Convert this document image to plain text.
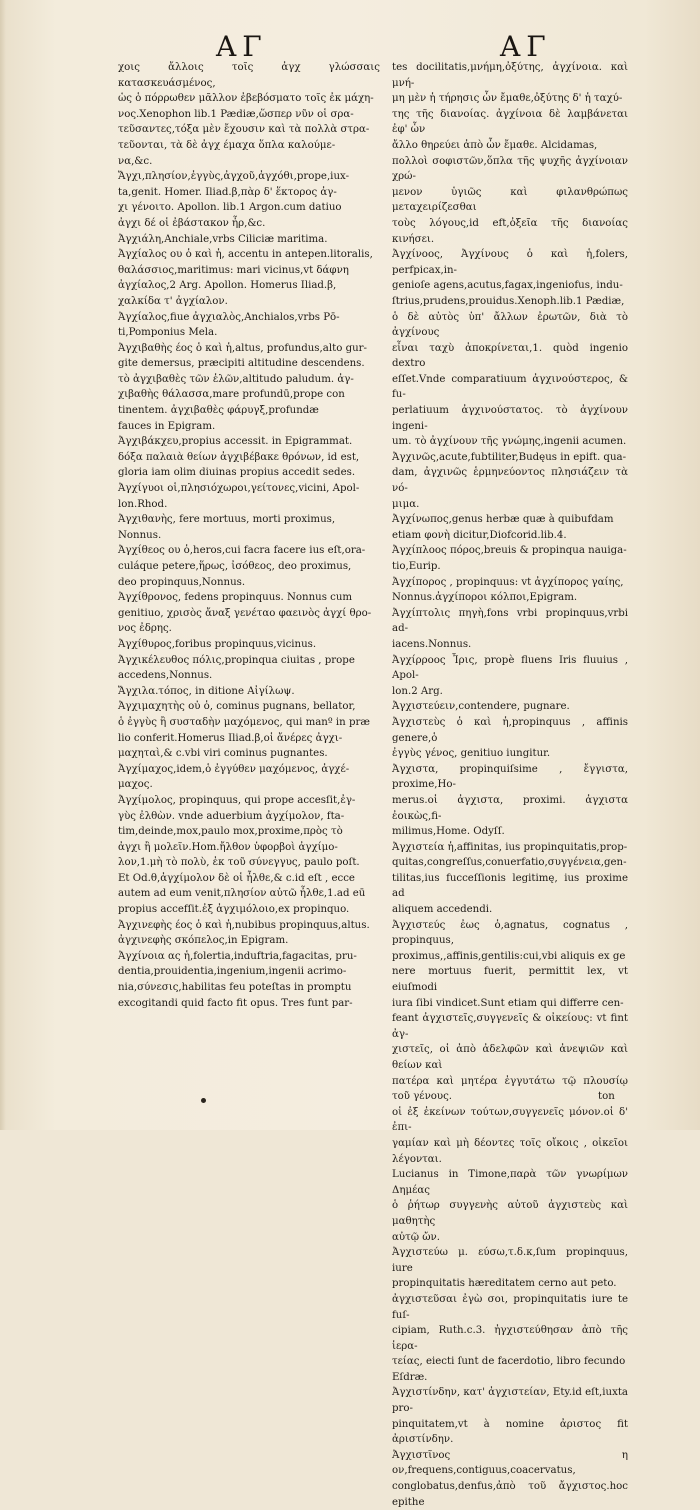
ΑΓ	ΑΓ

χοις ἄλλοις τοῖς ἀγχ γλώσσαις κατασκευάσμένος,

ὡς ὁ πόρρωθεν μᾶλλον ἐβεβόσματο τοῖς ἐκ μάχη-

νος.Xenophon lib.1 Pædiæ,ὥσπερ νῦν οἱ σρα-

τεῦσαντες,τόξα μὲν ἔχουσιν καὶ τὰ πολλὰ στρα-

τεῦονται, τὰ δὲ ἀγχ έμαχα ὅπλα καλούμε-

να,&c.

Ἄγχι,πλησίον,ἐγγὺς,ἀγχοῦ,ἀγχόθι,prope,iux-

ta,genit. Homer. Iliad.β,πὰρ δ' ἕκτορος ἀγ-

χι γένοιτο. Apollon. lib.1 Argon.cum datiuo

ἀγχι δέ οἱ ἐβάστακον ἦρ,&c.

Ἀγχιάλη,Anchiale,vrbs Ciliciæ maritima.

Ἀγχίαλος ου ὁ καὶ ἡ, accentu in antepen.litoralis,

θαλάσσιος,maritimus: mari vicinus,vt δάφνη

ἀγχίαλος,2 Arg. Apollon. Homerus Iliad.β,

χαλκίδα τ' ἀγχίαλον.

Ἀγχίαλος,fiue ἀγχιαλὸς,Anchialos,vrbs Pō-

ti,Pomponius Mela.

Ἀγχιβαθὴς έος ὁ καὶ ἡ,altus, profundus,alto gur-

gite demersus, præcipiti altitudine descendens.

τὸ ἀγχιβαθὲς τῶν ἑλῶν,altitudo paludum. ἀγ-

χιβαθὴς θάλασσα,mare profundū,prope con

tinentem. ἀγχιβαθὲς φάρυγξ,profundæ

fauces in Epigram.

Ἀγχιβάκχευ,propius accessit. in Epigrammat.

δόξα παλαιὰ θείων ἀγχιβέβακε θρόνων, id est,

gloria iam olim diuinas propius accedit sedes.

Ἀγχίγυοι οἱ,πλησιόχωροι,γείτονες,vicini, Apol-

lon.Rhod.

Ἀγχιθανὴς, fere mortuus, morti proximus,

Nonnus.

Ἀγχίθεος ου ὁ,heros,cui facra facere ius eſt,ora-

culáque petere,ἥρως, ἰσόθεος, deo proximus,

deo propinquus,Nonnus.

Ἀγχίθρονος, fedens propinquus. Nonnus cum

genitiuo, χρισὸς ἄναξ γενέταο φαεινὸς ἀγχί θρο-

νος ἐδρης.

Ἀγχίθυρος,foribus propinquus,vicinus.

Ἀγχικέλευθος πόλις,propinqua ciuitas , prope

accedens,Nonnus.

Ἄγχιλα.τόπος, in ditione Αἰγίλωψ.

Ἀγχιμαχητὴς οὐ ὁ, cominus pugnans, bellator,

ὁ ἐγγὺς ἢ συσταδὴν μαχόμενος, qui manº in præ

lio conferit.Homerus Iliad.β,οἱ ἄνέρες ἀγχι-

μαχηταὶ,& c.vbi viri cominus pugnantes.

Ἀγχίμαχος,idem,ὁ ἐγγύθεν μαχόμενος, ἀγχέ-

μαχος.

Ἀγχίμολος, propinquus, qui prope accesſit,ἐγ-

γὺς ἐλθὼν. vnde aduerbium ἀγχίμολον, fta-

tim,deinde,mox,paulo mox,proxime,πρὸς τὸ

ἀγχι ἢ μολεῖν.Hom.ἤλθον ὑφορβοὶ ἀγχίμο-

λον,1.μὴ τὸ πολὺ, ἐκ τοῦ σύνεγγυς, paulo poſt.

Et Od.θ,ἀγχίμολον δὲ οἱ ἦλθε,& c.id eſt , ecce

autem ad eum venit,πλησίον αὐτῶ ἦλθε,1.ad eū

propius accefſit.ἐξ ἀγχιμόλοιο,ex propinquo.

Ἀγχινεφὴς έος ὁ καὶ ἡ,nubibus propinquus,altus.

ἀγχινεφὴς σκόπελος,in Epigram.

Ἀγχίνοια ας ἡ,folertia,induftria,fagacitas, pru-

dentia,prouidentia,ingenium,ingenii acrimo-

nia,σύνεσις,habilitas feu poteſtas in promptu

excogitandi quid facto fit opus. Tres funt par-

tes docilitatis,μνήμη,ὀξύτης, ἀγχίνοια. καὶ μνή-

μη μὲν ἡ τήρησις ὧν ἔμαθε,ὀξύτης δ' ἡ ταχύ-

της τῆς διανοίας. ἀγχίνοια δὲ λαμβάνεται ἐφ' ὧν

ἄλλο θηρεύει ἀπὸ ὧν ἔμαθε. Alcidamas,

πολλοὶ σοφιστῶν,ὅπλα τῆς ψυχῆς ἀγχίνοιαν χρώ-

μενον ὑγιῶς καὶ φιλανθρώπως μεταχειρίζεσθαι

τοὺς λόγους,id eft,ὀξεῖα τῆς διανοίας κινήσει.

Ἀγχίνοος, Ἀγχίνους ὁ καὶ ἡ,folers, perfpicax,in-

genioſe agens,acutus,fagax,ingeniofus, indu-

ſtrius,prudens,prouidus.Xenoph.lib.1 Pædiæ,

ὁ δὲ αὐτὸς ὑπ' ἄλλων ἐρωτῶν, διὰ τὸ ἀγχίνους

εἶναι ταχὺ ἀποκρίνεται,1. quòd ingenio dextro

eſſet.Vnde comparatiuum ἀγχινούστερος, & fu-

perlatiuum ἀγχινούστατος. τὸ ἀγχίνουν ingeni-

um. τὸ ἀγχίνουν τῆς γνώμης,ingenii acumen.

Ἀγχινῶς,acute,fubtiliter,Budęus in epift. qua-

dam, ἀγχινῶς ἑρμηνεύοντος πλησιάζειν τὰ νό-

μιμα.

Ἀγχίνωπος,genus herbæ quæ à quibufdam

etiam φονὴ dicitur,Diofcorid.lib.4.

Ἀγχίπλοος πόρος,breuis & propinqua nauiga-

tio,Eurip.

Ἀγχίπορος , propinquus: vt ἀγχίπορος γαίης,

Nonnus.ἀγχίποροι κόλποι,Epigram.

Ἀγχίπτολις πηγὴ,fons vrbi propinquus,vrbi ad-

iacens.Nonnus.

Ἀγχίρροος Ἶρις, propè fluens Iris fluuius , Apol-

lon.2 Arg.

Ἀγχιστεύειν,contendere, pugnare.

Ἀγχιστεὺς ὁ καὶ ἡ,propinquus , affinis genere,ὁ

ἐγγὺς γένος, genitiuo iungitur.

Ἀγχιστα, propinquiſsime , ἔγγιστα, proxime,Ho-

merus.οἱ ἀγχιστα, proximi. ἀγχιστα ἐοικὼς,fi-

milimus,Home. Odyſſ.

Ἀγχιστεία ἡ,affinitas, ius propinquitatis,prop-

quitas,congreſſus,conuerfatio,συγγένεια,gen-

tilitas,ius fucceſſionis legitimę, ius proxime ad

aliquem accedendi.

Ἀγχιστεύς ἐως ὁ,agnatus, cognatus , propinquus,

proximus,,affinis,gentilis:cui,vbi aliquis ex ge

nere mortuus fuerit, permittit lex, vt eiuſmodi

iura ſibi vindicet.Sunt etiam qui differre cen-

feant ἀγχιστεῖς,συγγενεῖς & οἰκείους: vt fint ἀγ-

χιστεῖς, οἱ ἀπὸ ἀδελφῶν καὶ ἀνεψιῶν καὶ θείων καὶ

πατέρα καὶ μητέρα ἐγγυτάτω τῷ πλουσίῳ τοῦ γένους.

οἱ ἐξ ἐκείνων τούτων,συγγενεῖς μόνον.οἱ δ' ἐπι-

γαμίαν καὶ μὴ δέοντες τοῖς οἴκοις , οἰκεῖοι λέγονται.

Lucianus in Timone,παρὰ τῶν γνωρίμων Δημέας

ὁ ῥήτωρ συγγενὴς αὐτοῦ ἀγχιστεὺς καὶ μαθητὴς

αὐτῷ ὤν.

Ἀγχιστεύω μ. εύσω,τ.δ.κ,ſum propinquus, iure

propinquitatis hæreditatem cerno aut peto.

ἀγχιστεῦσαι ἐγὼ σοι, propinquitatis iure te fuſ-

cipiam, Ruth.c.3. ἠγχιστεύθησαν ἀπὸ τῆς ἱερα-

τείας, eiecti ſunt de facerdotio, libro fecundo

Eſdræ.

Ἀγχιστίνδην, κατ' ἀγχιστείαν, Ety.id eſt,iuxta pro-

pinquitatem,vt à nomine ἀριστος fit ἀριστίνδην.

Ἀγχιστῖνος η ον,frequens,contiguus,coacervatus,

conglobatus,denfus,ἀπὸ τοῦ ἄγχιστος.hoc epithe

ton
